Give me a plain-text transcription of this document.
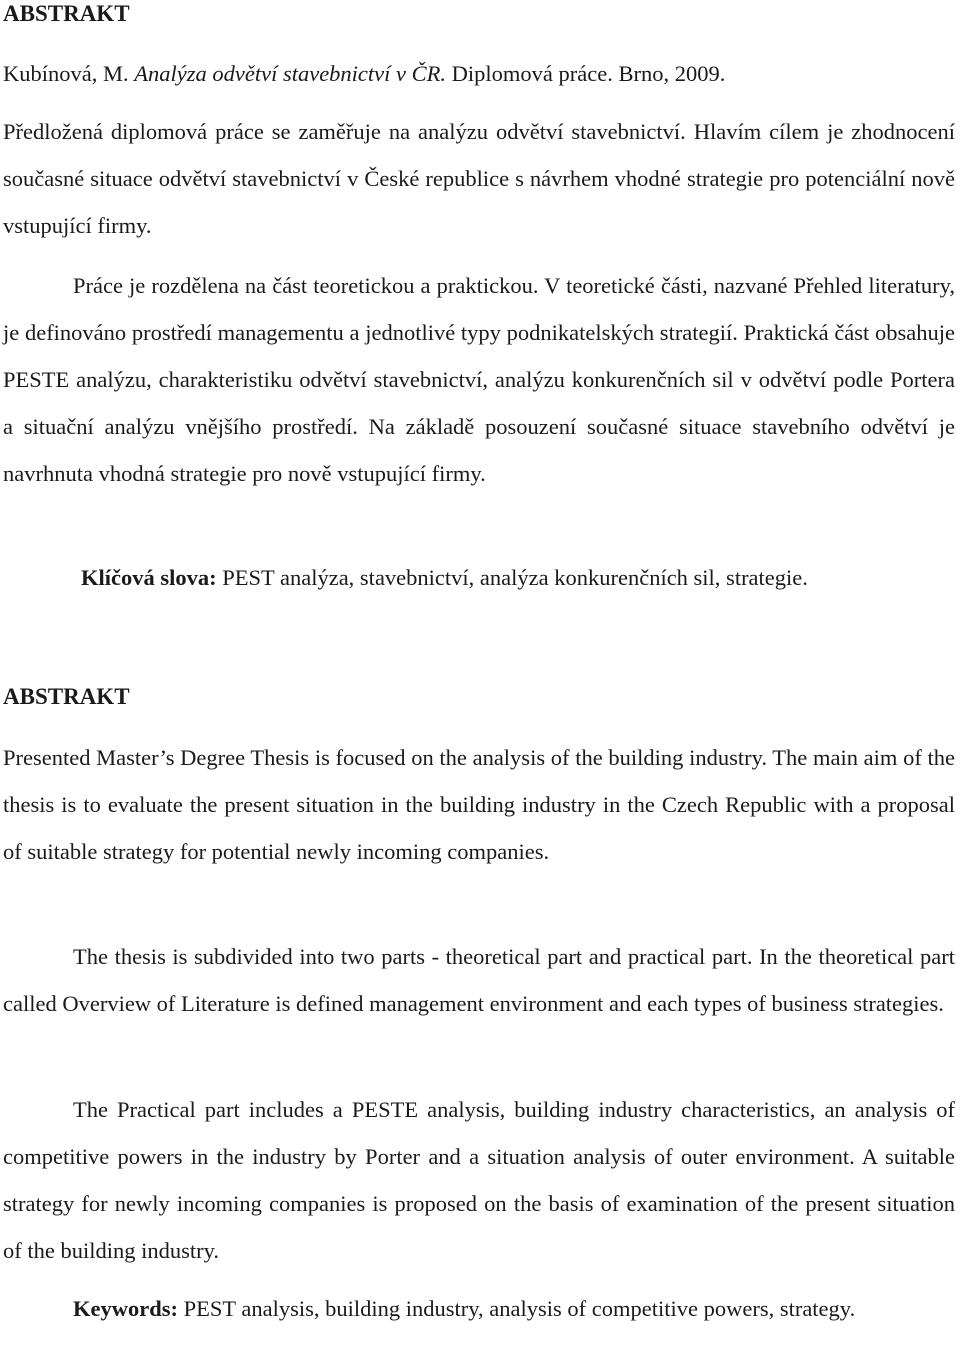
ABSTRAKT

Kubínová, M. Analýza odvětví stavebnictví v ČR. Diplomová práce. Brno, 2009.

Předložená diplomová práce se zaměřuje na analýzu odvětví stavebnictví. Hlavím cílem je zhodnocení současné situace odvětví stavebnictví v České republice s návrhem vhodné strategie pro potenciální nově vstupující firmy.

Práce je rozdělena na část teoretickou a praktickou. V teoretické části, nazvané Přehled literatury, je definováno prostředí managementu a jednotlivé typy podnikatelských strategií. Praktická část obsahuje PESTE analýzu, charakteristiku odvětví stavebnictví, analýzu konkurenčních sil v odvětví podle Portera a situační analýzu vnějšího prostředí. Na základě posouzení současné situace stavebního odvětví je navrhnuta vhodná strategie pro nově vstupující firmy.

Klíčová slova: PEST analýza, stavebnictví, analýza konkurenčních sil, strategie.

ABSTRAKT

Presented Master’s Degree Thesis is focused on the analysis of the building industry. The main aim of the thesis is to evaluate the present situation in the building industry in the Czech Republic with a proposal of suitable strategy for potential newly incoming companies.

The thesis is subdivided into two parts - theoretical part and practical part. In the theoretical part called Overview of Literature is defined management environment and each types of business strategies.

The Practical part includes a PESTE analysis, building industry characteristics, an analysis of competitive powers in the industry by Porter and a situation analysis of outer environment. A suitable strategy for newly incoming companies is proposed on the basis of examination of the present situation of the building industry.

Keywords: PEST analysis, building industry, analysis of competitive powers, strategy.
